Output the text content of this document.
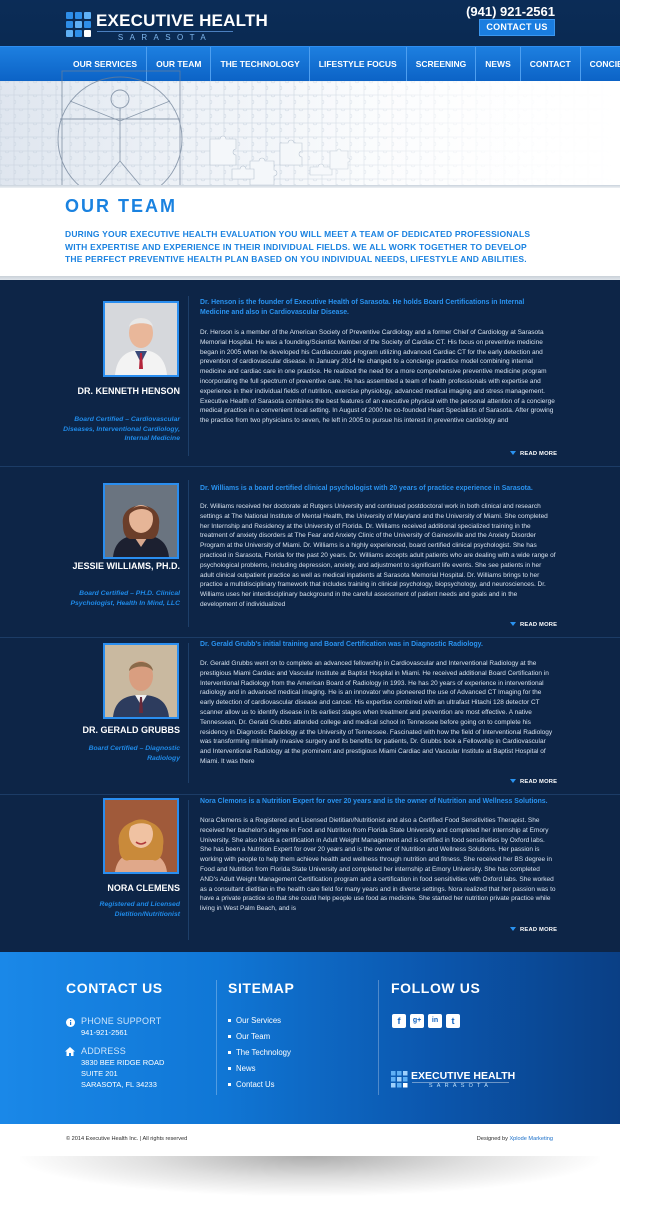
EXECUTIVE HEALTH
SARASOTA
(941) 921-2561
CONTACT US
OUR SERVICES	OUR TEAM	THE TECHNOLOGY	LIFESTYLE FOCUS	SCREENING	NEWS	CONTACT	CONCIERGE
OUR TEAM

DURING YOUR EXECUTIVE HEALTH EVALUATION YOU WILL MEET A TEAM OF DEDICATED PROFESSIONALS WITH EXPERTISE AND EXPERIENCE IN THEIR INDIVIDUAL FIELDS. WE ALL WORK TOGETHER TO DEVELOP THE PERFECT PREVENTIVE HEALTH PLAN BASED ON YOU INDIVIDUAL NEEDS, LIFESTYLE AND ABILITIES.

DR. KENNETH HENSON
Board Certified – Cardiovascular Diseases, Interventional Cardiology, Internal Medicine
Dr. Henson is the founder of Executive Health of Sarasota. He holds Board Certifications in Internal Medicine and also in Cardiovascular Disease.
Dr. Henson is a member of the American Society of Preventive Cardiology and a former Chief of Cardiology at Sarasota Memorial Hospital. He was a founding/Scientist Member of the Society of Cardiac CT. His focus on preventive medicine began in 2005 when he developed his Cardiaccurate program utilizing advanced Cardiac CT for the early detection and prevention of cardiovascular disease. In January 2014 he changed to a concierge practice model combining internal medicine and cardiac care in one practice. He realized the need for a more comprehensive preventive medicine program incorporating the full spectrum of preventive care. He has assembled a team of health professionals with expertise and experience in their individual fields of nutrition, exercise physiology, advanced medical imaging and stress management. Executive Health of Sarasota combines the best features of an executive physical with the personal attention of a concierge medical practice in a convenient local setting. In August of 2000 he co-founded Heart Specialists of Sarasota. After growing the practice from two physicians to seven, he left in 2005 to pursue his interest in preventive cardiology and
READ MORE
JESSIE WILLIAMS, PH.D.
Board Certified – PH.D. Clinical Psychologist, Health In Mind, LLC
Dr. Williams is a board certified clinical psychologist with 20 years of practice experience in Sarasota.
Dr. Williams received her doctorate at Rutgers University and continued postdoctoral work in both clinical and research settings at The National Institute of Mental Health, the University of Maryland and the University of Miami. She completed her Internship and Residency at the University of Florida. Dr. Williams received additional specialized training in the treatment of anxiety disorders at The Fear and Anxiety Clinic of the University of Gainesville and the Anxiety Disorder Program at the University of Miami. Dr. Williams is a highly experienced, board certified clinical psychologist. She has practiced in Sarasota, Florida for the past 20 years. Dr. Williams accepts adult patients who are dealing with a wide range of psychological problems, including depression, anxiety, and adjustment to significant life events. She see patients in her adult clinical outpatient practice as well as medical inpatients at Sarasota Memorial Hospital. Dr. Williams brings to her practice a multidisciplinary framework that includes training in clinical psychology, biopsychology, and neurosciences. Dr. Williams uses her interdisciplinary background in the careful assessment of patient needs and goals and in the development of individualized
READ MORE
DR. GERALD GRUBBS
Board Certified – Diagnostic Radiology
Dr. Gerald Grubb's initial training and Board Certification was in Diagnostic Radiology.
Dr. Gerald Grubbs went on to complete an advanced fellowship in Cardiovascular and Interventional Radiology at the prestigious Miami Cardiac and Vascular Institute at Baptist Hospital in Miami. He received additional Board Certification in Interventional Radiology from the American Board of Radiology in 1993. He has 20 years of experience in interventional radiology and in advanced medical imaging. He is an innovator who pioneered the use of Advanced CT Imaging for the early detection of cardiovascular disease and cancer. His expertise combined with an ultrafast Hitachi 128 detector CT scanner allow us to identify disease in its earliest stages when treatment and prevention are most effective. A native Tennessean, Dr. Gerald Grubbs attended college and medical school in Tennessee before going on to complete his residency in Diagnostic Radiology at the University of Tennessee. Fascinated with how the field of Interventional Radiology was transforming minimally invasive surgery and its benefits for patients, Dr. Grubbs took a Fellowship in Cardiovascular and Interventional Radiology at the prominent and prestigious Miami Cardiac and Vascular Institute at Baptist Hospital of Miami. It was there
READ MORE
NORA CLEMENS
Registered and Licensed Dietition/Nutritionist
Nora Clemons is a Nutrition Expert for over 20 years and is the owner of Nutrition and Wellness Solutions.
Nora Clemens is a Registered and Licensed Dietitian/Nutritionist and also a Certified Food Sensitivities Therapist. She received her bachelor's degree in Food and Nutrition from Florida State University and completed her internship at Emory University. She also holds a certification in Adult Weight Management and is certified in food sensitivities by Oxford labs. She has been a Nutrition Expert for over 20 years and is the owner of Nutrition and Wellness Solutions. Her passion is working with people to help them achieve health and wellness through nutrition and fitness. She received her BS degree in Food and Nutrition from Florida State University and completed her internship at Emory University. She has completed AND's Adult Weight Management Certification program and a certification in food sensitivities with Oxford labs. She worked as a consultant dietitian in the health care field for many years and in diverse settings. Nora realized that her passion was to have a private practice so that she could help people use food as medicine. She started her nutrition private practice while living in West Palm Beach, and is
READ MORE
CONTACT US
PHONE SUPPORT
941-921-2561
ADDRESS
3830 BEE RIDGE ROAD
SUITE 201
SARASOTA, FL 34233
SITEMAP
Our Services
Our Team
The Technology
News
Contact Us
FOLLOW US
f	g+	in	t
EXECUTIVE HEALTH
SARASOTA
© 2014 Executive Health Inc. | All rights reserved	Designed by Xplode Marketing
